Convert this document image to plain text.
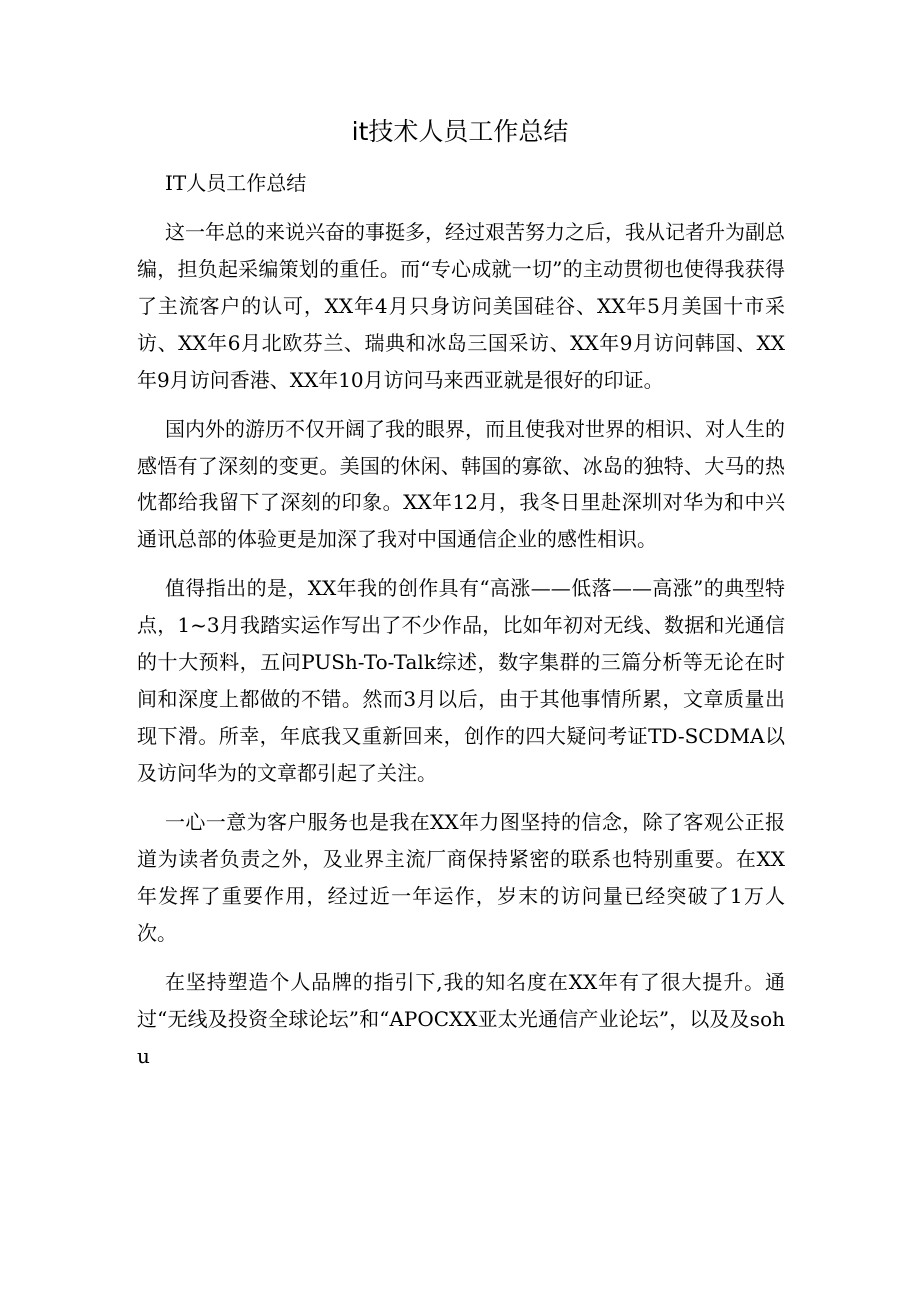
it技术人员工作总结

IT人员工作总结

这一年总的来说兴奋的事挺多，经过艰苦努力之后，我从记者升为副总编，担负起采编策划的重任。而“专心成就一切”的主动贯彻也使得我获得了主流客户的认可，XX年4月只身访问美国硅谷、XX年5月美国十市采访、XX年6月北欧芬兰、瑞典和冰岛三国采访、XX年9月访问韩国、XX年9月访问香港、XX年10月访问马来西亚就是很好的印证。

国内外的游历不仅开阔了我的眼界，而且使我对世界的相识、对人生的感悟有了深刻的变更。美国的休闲、韩国的寡欲、冰岛的独特、大马的热忱都给我留下了深刻的印象。XX年12月，我冬日里赴深圳对华为和中兴通讯总部的体验更是加深了我对中国通信企业的感性相识。

值得指出的是，XX年我的创作具有“高涨——低落——高涨”的典型特点，1~3月我踏实运作写出了不少作品，比如年初对无线、数据和光通信的十大预料，五问PUSh-To-Talk综述，数字集群的三篇分析等无论在时间和深度上都做的不错。然而3月以后，由于其他事情所累，文章质量出现下滑。所幸，年底我又重新回来，创作的四大疑问考证TD-SCDMA以及访问华为的文章都引起了关注。

一心一意为客户服务也是我在XX年力图坚持的信念，除了客观公正报道为读者负责之外，及业界主流厂商保持紧密的联系也特别重要。在XX年发挥了重要作用，经过近一年运作，岁末的访问量已经突破了1万人次。

在坚持塑造个人品牌的指引下,我的知名度在XX年有了很大提升。通过“无线及投资全球论坛”和“APOCXX亚太光通信产业论坛”，以及及sohu
